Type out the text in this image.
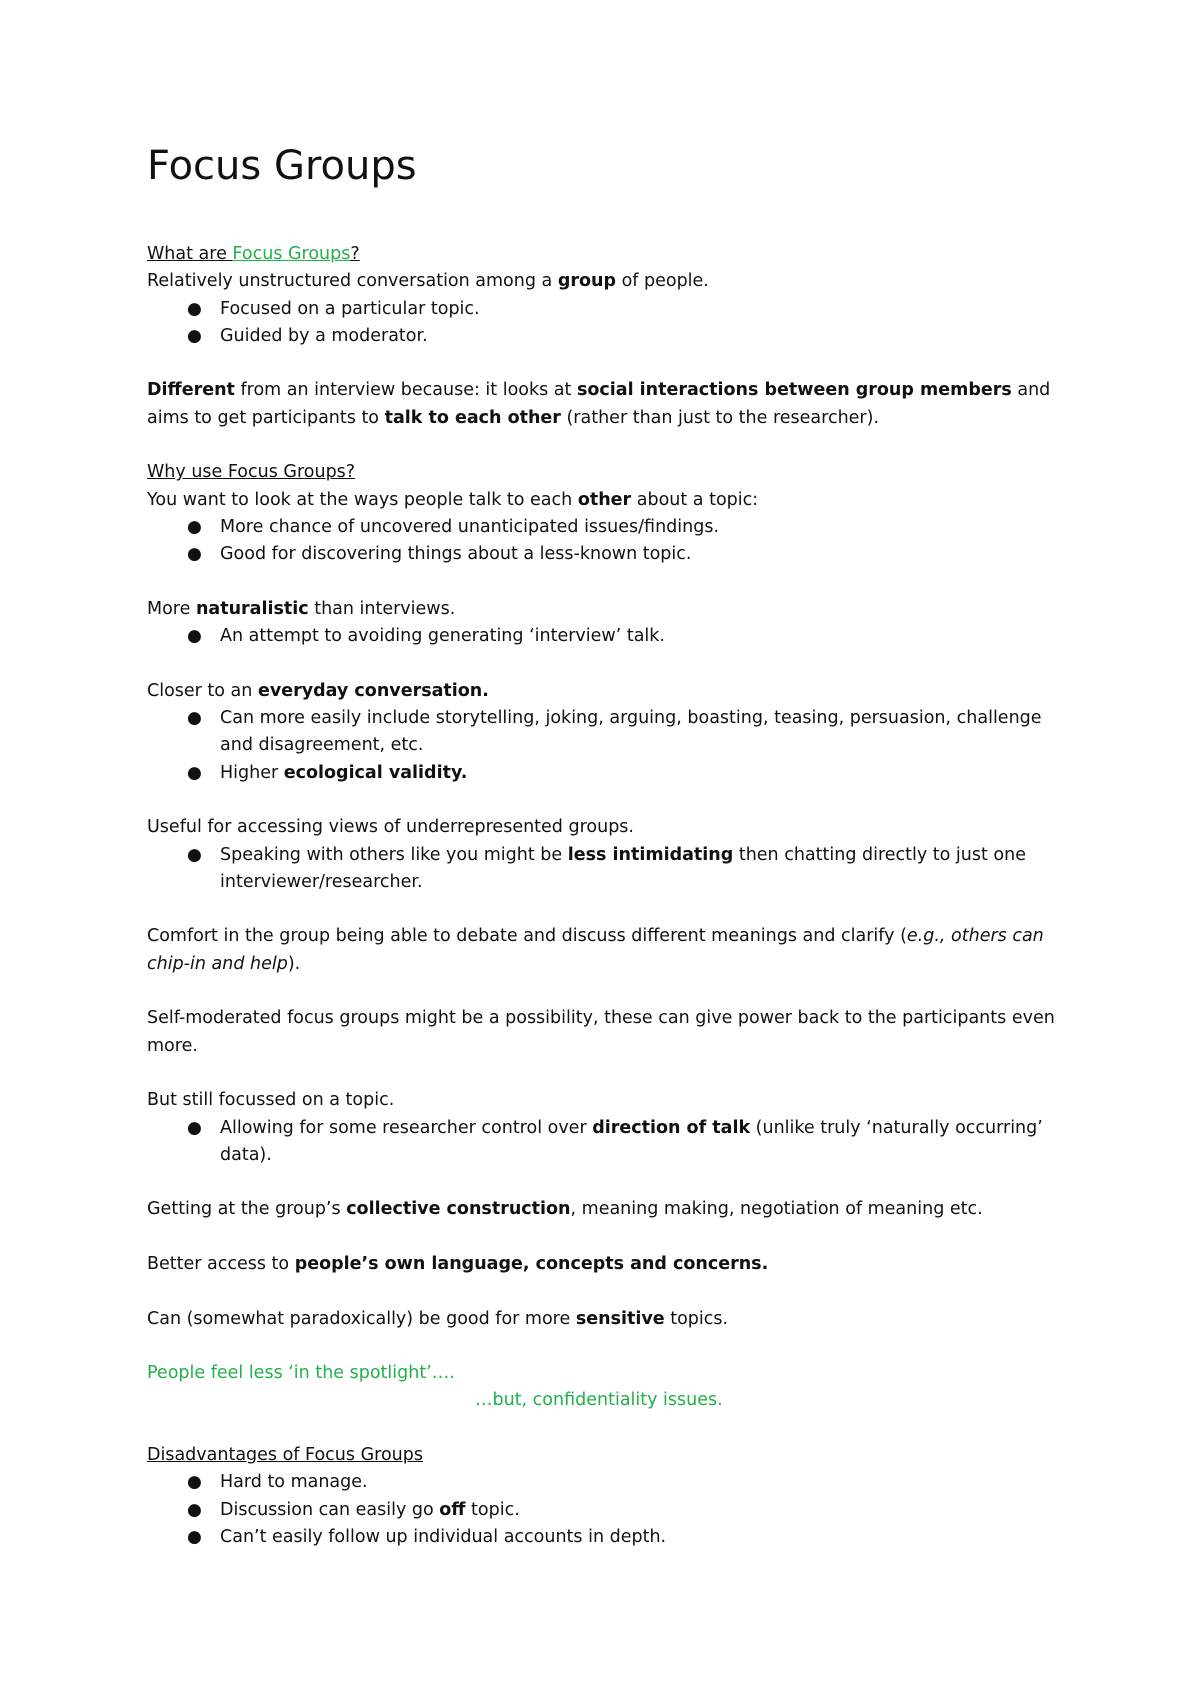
Focus Groups

What are Focus Groups?

Relatively unstructured conversation among a group of people.

● Focused on a particular topic.
● Guided by a moderator.

Different from an interview because: it looks at social interactions between group members and aims to get participants to talk to each other (rather than just to the researcher).

Why use Focus Groups?

You want to look at the ways people talk to each other about a topic:

● More chance of uncovered unanticipated issues/findings.
● Good for discovering things about a less-known topic.

More naturalistic than interviews.

● An attempt to avoiding generating ‘interview’ talk.

Closer to an everyday conversation.

● Can more easily include storytelling, joking, arguing, boasting, teasing, persuasion, challenge and disagreement, etc.
● Higher ecological validity.

Useful for accessing views of underrepresented groups.

● Speaking with others like you might be less intimidating then chatting directly to just one interviewer/researcher.

Comfort in the group being able to debate and discuss different meanings and clarify (e.g., others can chip-in and help).

Self-moderated focus groups might be a possibility, these can give power back to the participants even more.

But still focussed on a topic.

● Allowing for some researcher control over direction of talk (unlike truly ‘naturally occurring’ data).

Getting at the group’s collective construction, meaning making, negotiation of meaning etc.

Better access to people’s own language, concepts and concerns.

Can (somewhat paradoxically) be good for more sensitive topics.

People feel less ‘in the spotlight’….

…but, confidentiality issues.

Disadvantages of Focus Groups

● Hard to manage.
● Discussion can easily go off topic.
● Can’t easily follow up individual accounts in depth.
